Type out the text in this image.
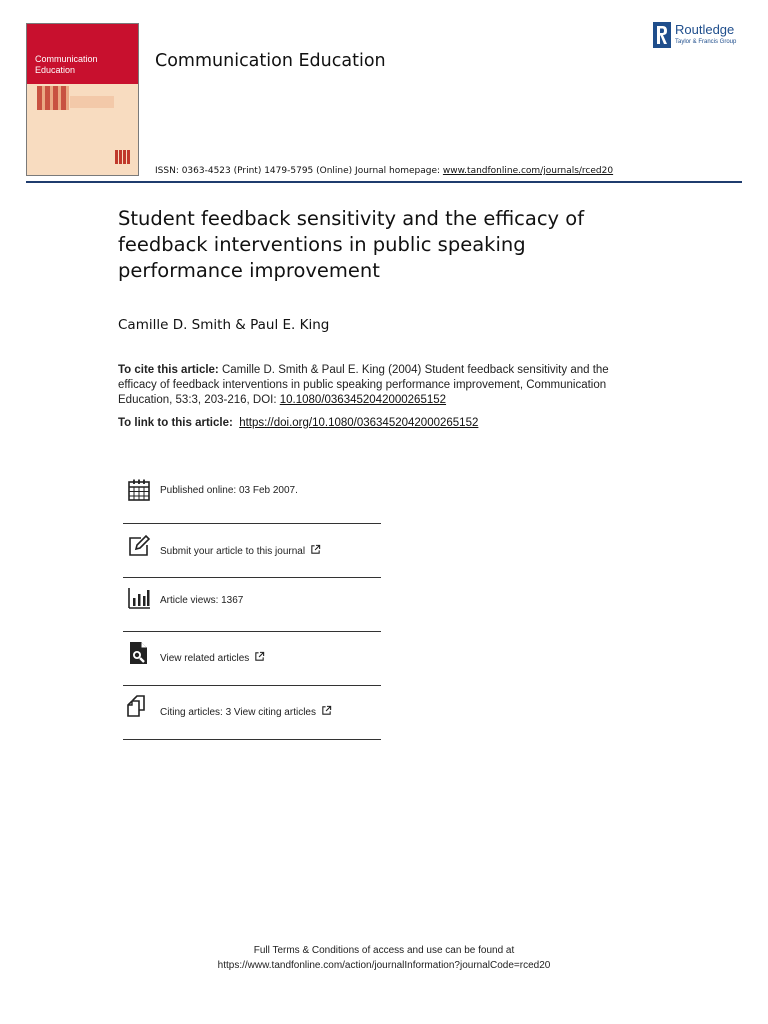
Communication Education	Communication Education
Routledge
Taylor & Francis Group
ISSN: 0363-4523 (Print) 1479-5795 (Online) Journal homepage: www.tandfonline.com/journals/rced20
Student feedback sensitivity and the efficacy of feedback interventions in public speaking performance improvement
Camille D. Smith & Paul E. King
To cite this article: Camille D. Smith & Paul E. King (2004) Student feedback sensitivity and the efficacy of feedback interventions in public speaking performance improvement, Communication Education, 53:3, 203-216, DOI: 10.1080/0363452042000265152
To link to this article: https://doi.org/10.1080/0363452042000265152
Published online: 03 Feb 2007.
Submit your article to this journal
Article views: 1367
View related articles
Citing articles: 3 View citing articles
Full Terms & Conditions of access and use can be found at
https://www.tandfonline.com/action/journalInformation?journalCode=rced20
